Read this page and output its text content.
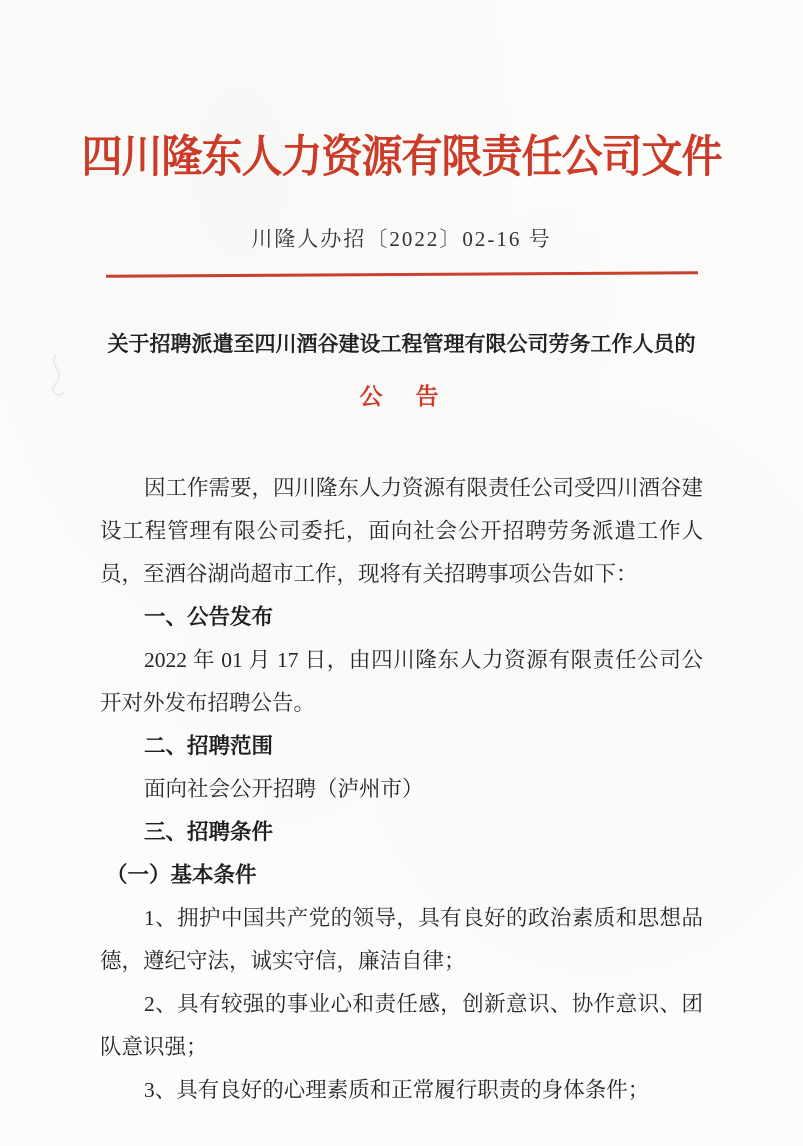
四川隆东人力资源有限责任公司文件
川隆人办招〔2022〕02-16 号
关于招聘派遣至四川酒谷建设工程管理有限公司劳务工作人员的
公　告

因工作需要，四川隆东人力资源有限责任公司受四川酒谷建设工程管理有限公司委托，面向社会公开招聘劳务派遣工作人员，至酒谷湖尚超市工作，现将有关招聘事项公告如下：

一、公告发布

2022 年 01 月 17 日，由四川隆东人力资源有限责任公司公开对外发布招聘公告。

二、招聘范围

面向社会公开招聘（泸州市）

三、招聘条件

（一）基本条件

1、拥护中国共产党的领导，具有良好的政治素质和思想品德，遵纪守法，诚实守信，廉洁自律；

2、具有较强的事业心和责任感，创新意识、协作意识、团队意识强；

3、具有良好的心理素质和正常履行职责的身体条件；
